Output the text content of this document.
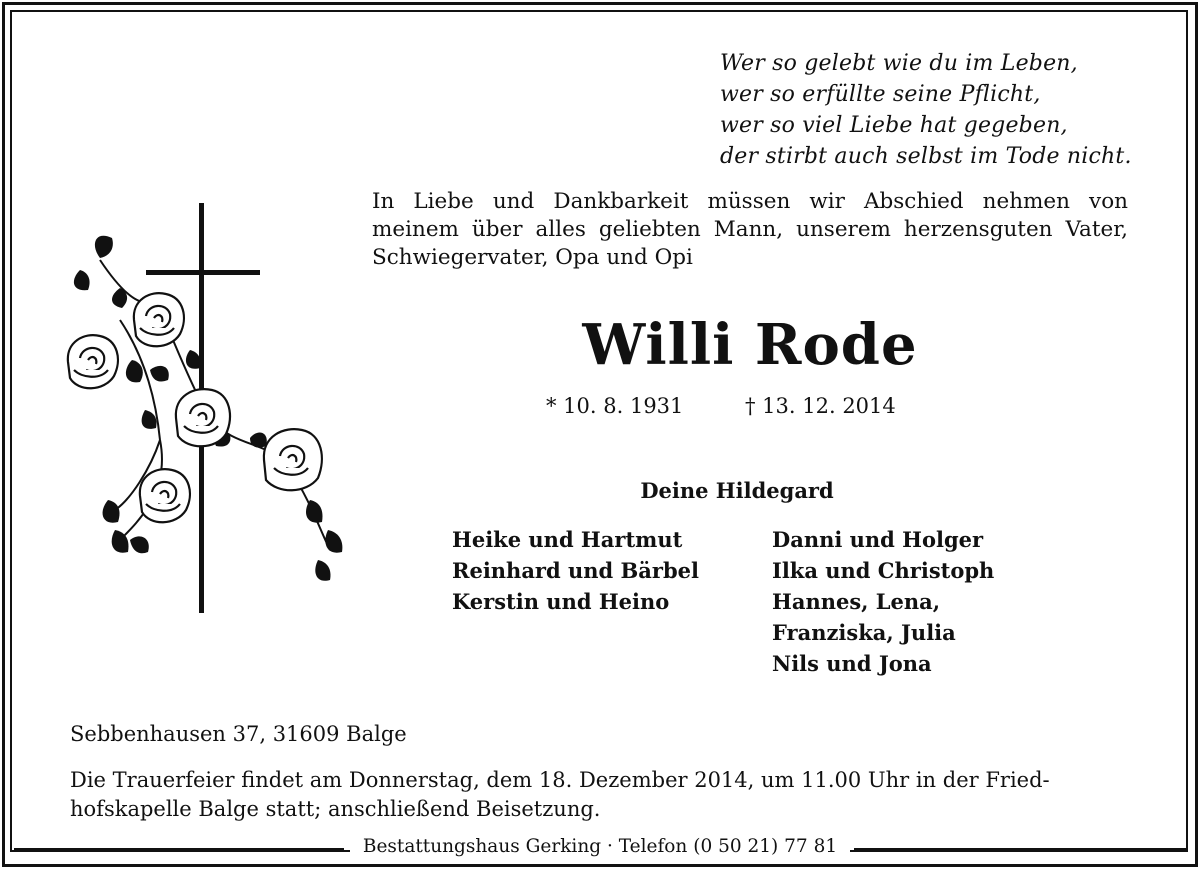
Wer so gelebt wie du im Leben,
wer so erfüllte seine Pflicht,
wer so viel Liebe hat gegeben,
der stirbt auch selbst im Tode nicht.
In Liebe und Dankbarkeit müssen wir Abschied nehmen von
meinem über alles geliebten Mann, unserem herzensguten Vater,
Schwiegervater, Opa und Opi
Willi Rode
* 10. 8. 1931	† 13. 12. 2014
Deine Hildegard
Heike und Hartmut
Reinhard und Bärbel
Kerstin und Heino
Danni und Holger
Ilka und Christoph
Hannes, Lena,
Franziska, Julia
Nils und Jona
Sebbenhausen 37, 31609 Balge
Die Trauerfeier findet am Donnerstag, dem 18. Dezember 2014, um 11.00 Uhr in der Fried-
hofskapelle Balge statt; anschließend Beisetzung.
Bestattungshaus Gerking · Telefon (0 50 21) 77 81
